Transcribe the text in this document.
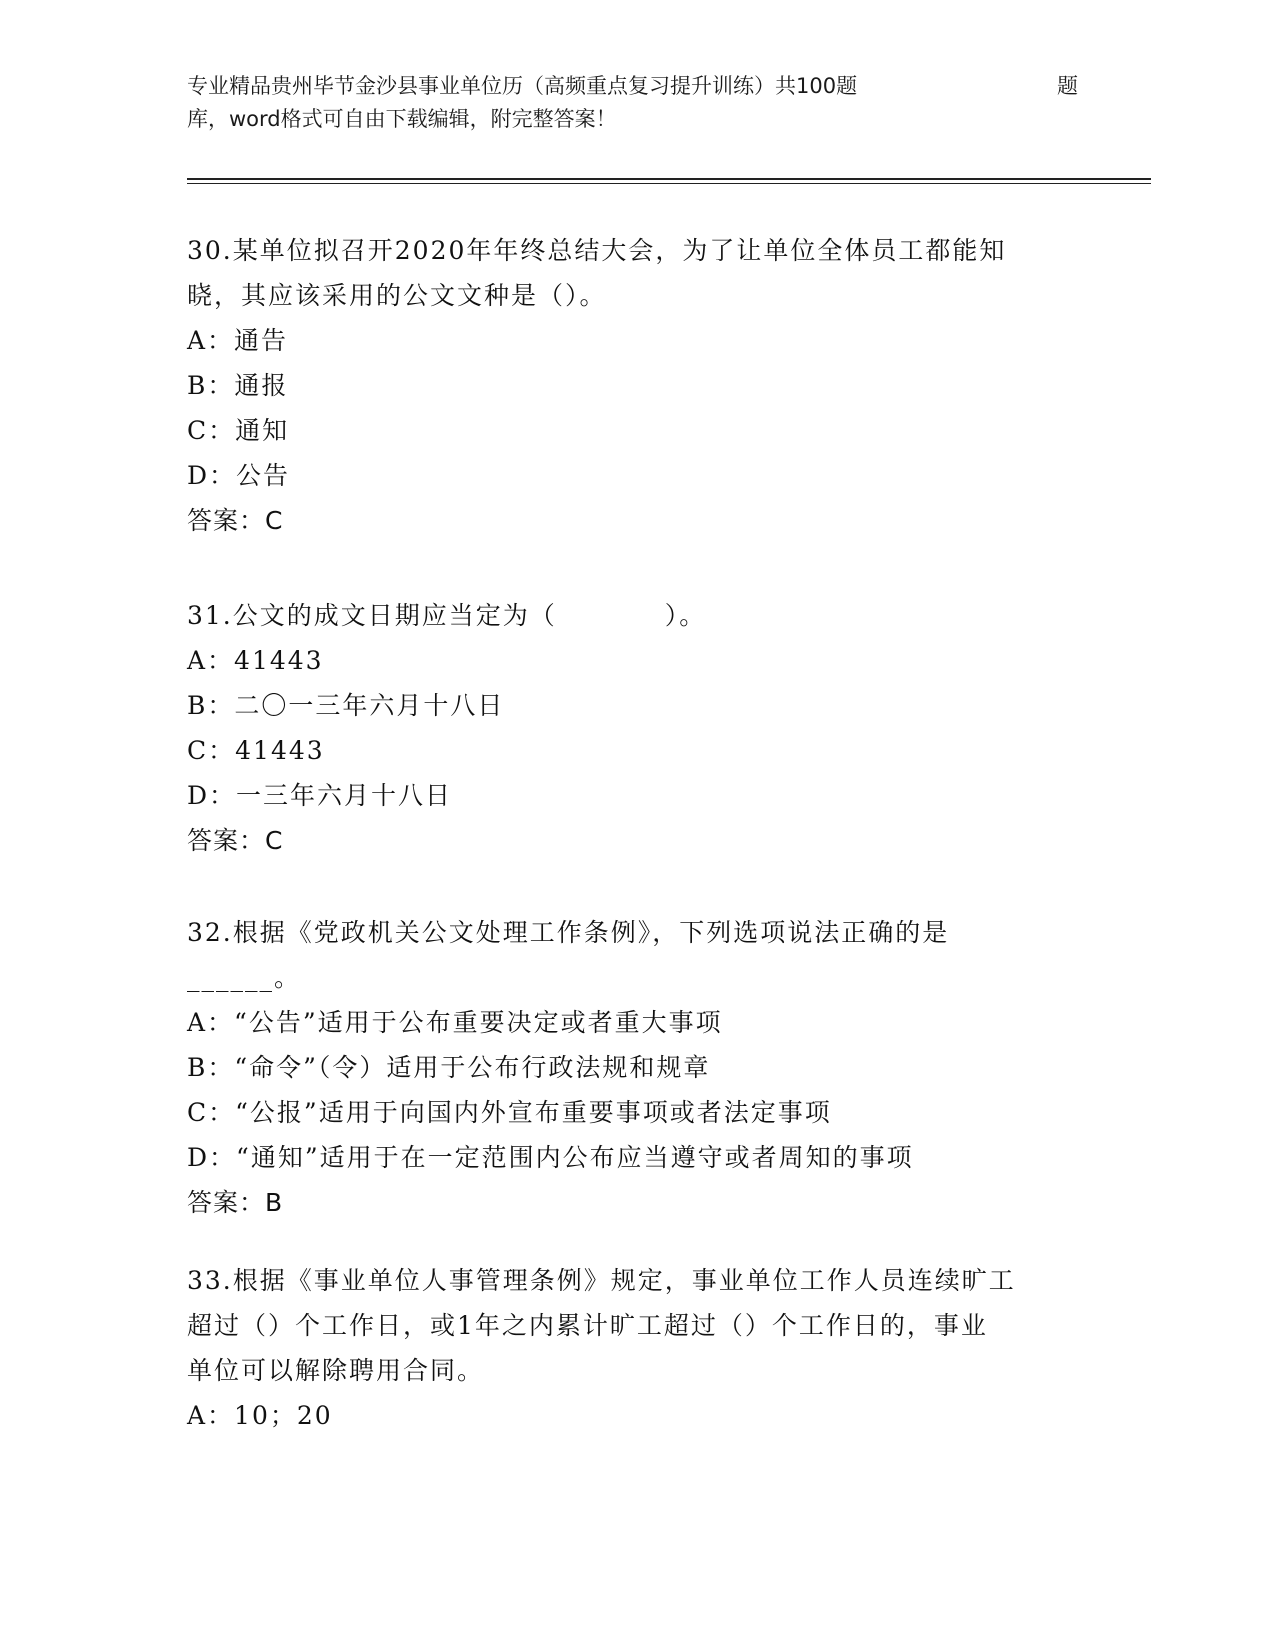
专业精品贵州毕节金沙县事业单位历（高频重点复习提升训练）共100题	题
库，word格式可自由下载编辑，附完整答案！
30.某单位拟召开2020年年终总结大会，为了让单位全体员工都能知
晓，其应该采用的公文文种是（）。
A：通告
B：通报
C：通知
D：公告
答案：C
31.公文的成文日期应当定为（　　　　）。
A：41443
B：二〇一三年六月十八日
C：41443
D：一三年六月十八日
答案：C
32.根据《党政机关公文处理工作条例》，下列选项说法正确的是
______。
A：“公告”适用于公布重要决定或者重大事项
B：“命令”（令）适用于公布行政法规和规章
C：“公报”适用于向国内外宣布重要事项或者法定事项
D：“通知”适用于在一定范围内公布应当遵守或者周知的事项
答案：B
33.根据《事业单位人事管理条例》规定，事业单位工作人员连续旷工
超过（）个工作日，或1年之内累计旷工超过（）个工作日的，事业
单位可以解除聘用合同。
A：10；20
